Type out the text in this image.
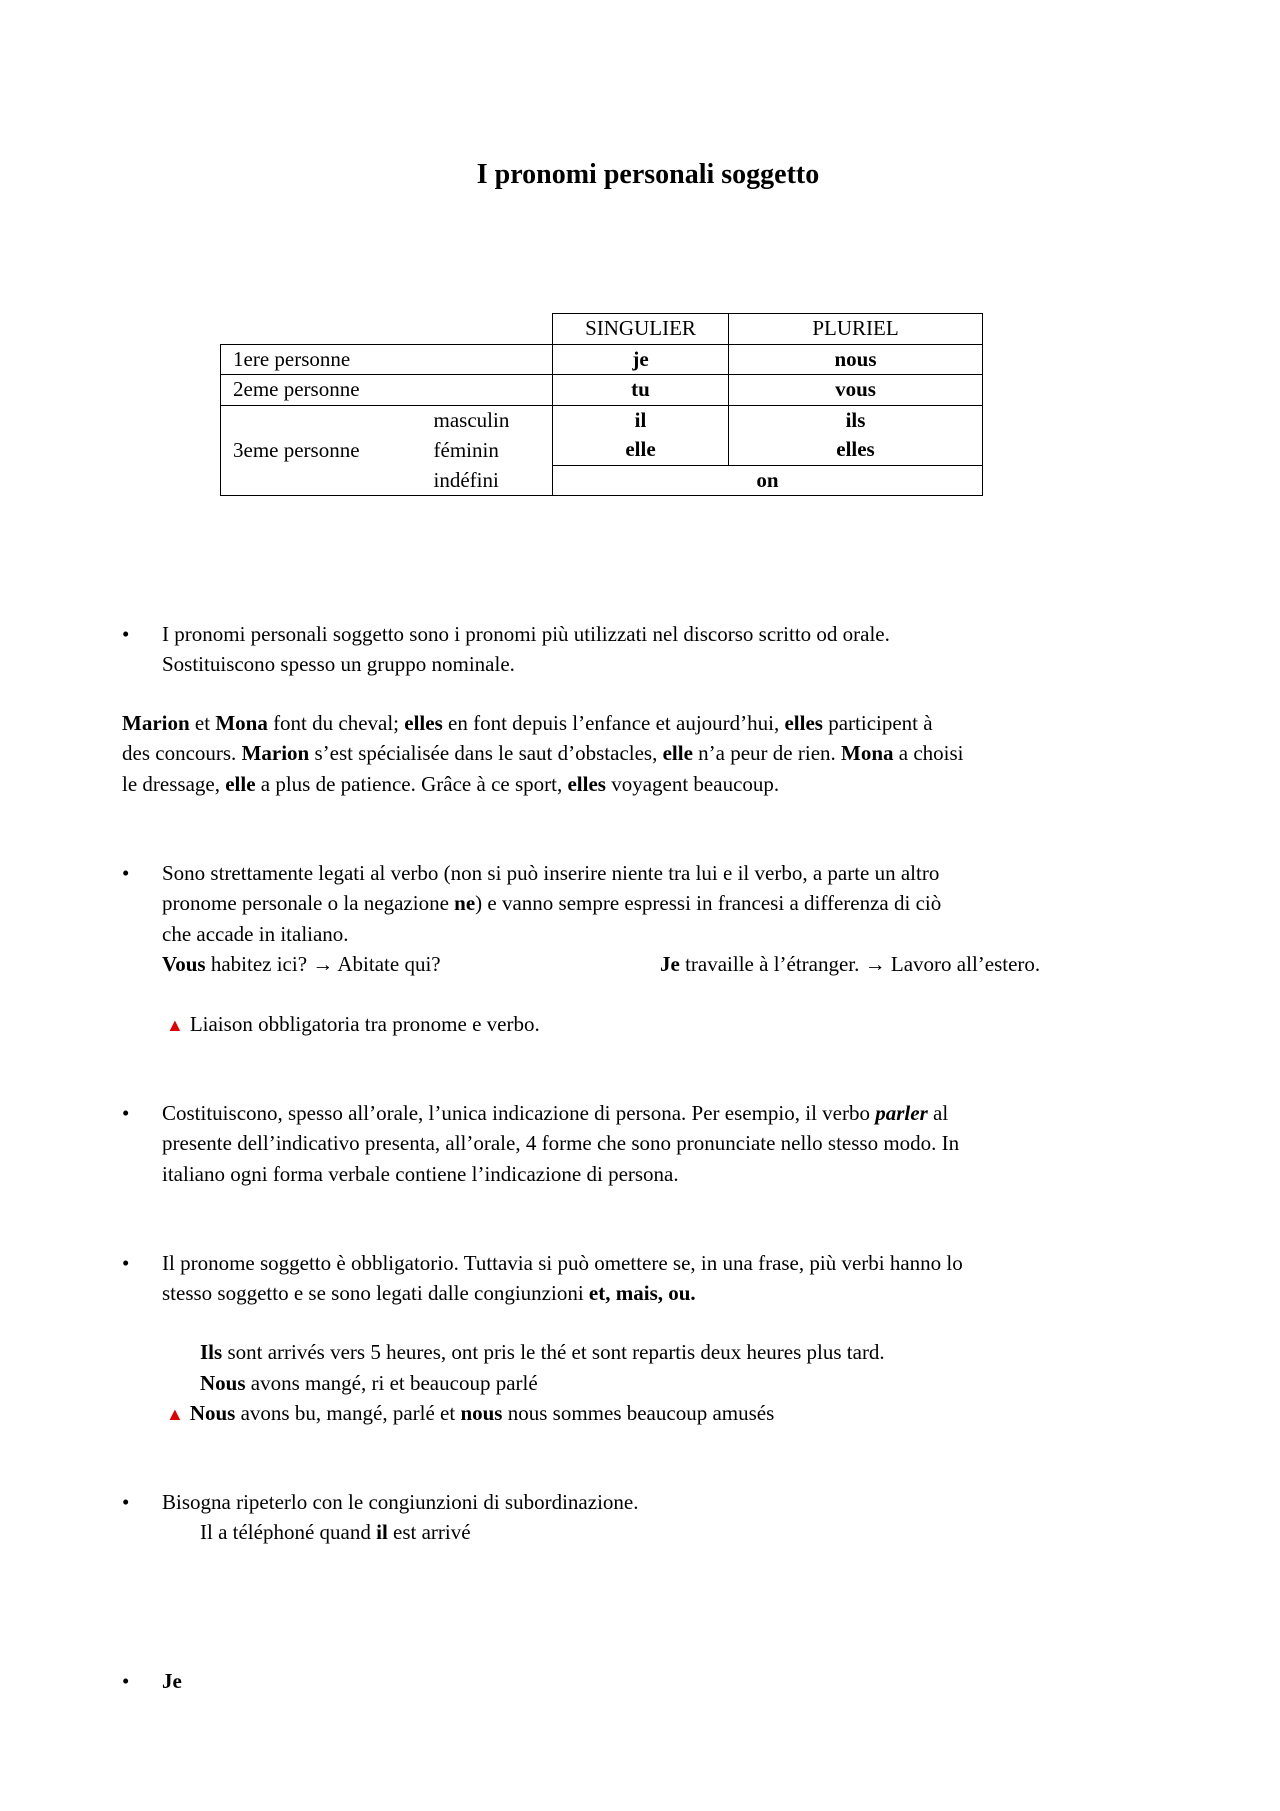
I pronomi personali soggetto
		SINGULIER	PLURIEL
1ere personne		je	nous
2eme personne		tu	vous
3eme personne	masculin	il	ils
	féminin	elle	elles
	indéfini	on	
•	I pronomi personali soggetto sono i pronomi più utilizzati nel discorso scritto od orale.
Sostituiscono spesso un gruppo nominale.
Marion et Mona font du cheval; elles en font depuis l’enfance et aujourd’hui, elles participent à
des concours. Marion s’est spécialisée dans le saut d’obstacles, elle n’a peur de rien. Mona a choisi
le dressage, elle a plus de patience. Grâce à ce sport, elles voyagent beaucoup.
•	Sono strettamente legati al verbo (non si può inserire niente tra lui e il verbo, a parte un altro
pronome personale o la negazione ne) e vanno sempre espressi in francesi a differenza di ciò
che accade in italiano.
Vous habitez ici? → Abitate qui?	Je travaille à l’étranger. → Lavoro all’estero.
▲ Liaison obbligatoria tra pronome e verbo.
•	Costituiscono, spesso all’orale, l’unica indicazione di persona. Per esempio, il verbo parler al
presente dell’indicativo presenta, all’orale, 4 forme che sono pronunciate nello stesso modo. In
italiano ogni forma verbale contiene l’indicazione di persona.
•	Il pronome soggetto è obbligatorio. Tuttavia si può omettere se, in una frase, più verbi hanno lo
stesso soggetto e se sono legati dalle congiunzioni et, mais, ou.
Ils sont arrivés vers 5 heures, ont pris le thé et sont repartis deux heures plus tard.
Nous avons mangé, ri et beaucoup parlé
▲ Nous avons bu, mangé, parlé et nous nous sommes beaucoup amusés
•	Bisogna ripeterlo con le congiunzioni di subordinazione.
Il a téléphoné quand il est arrivé
•	Je
